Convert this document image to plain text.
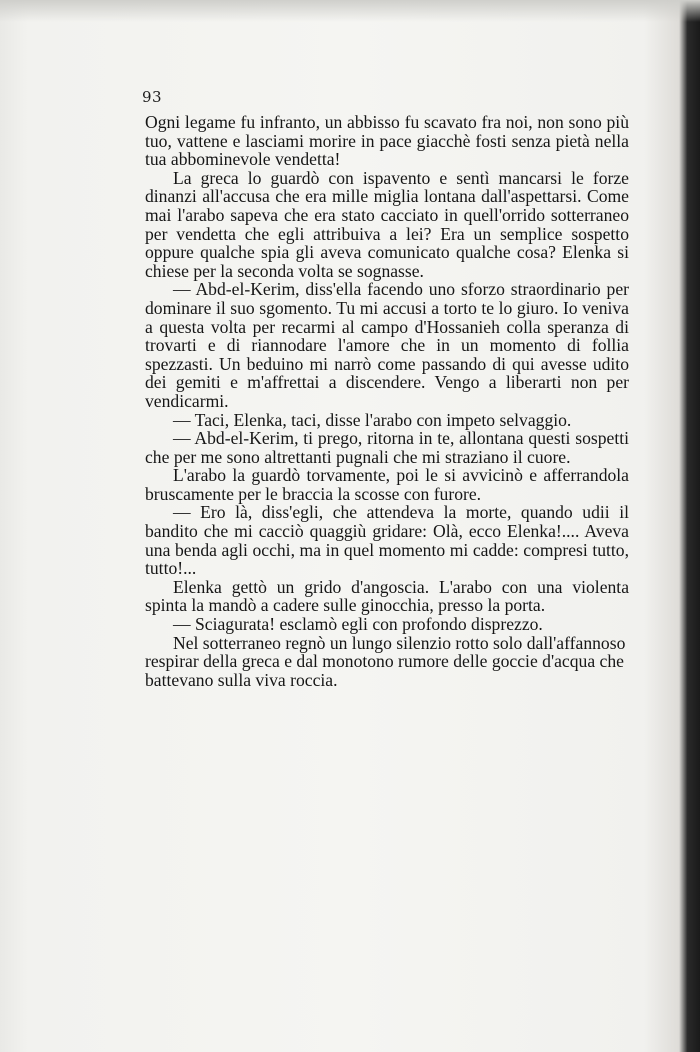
93

Ogni legame fu infranto, un abbisso fu scavato fra noi, non sono più tuo, vattene e lasciami morire in pace giacchè fosti senza pietà nella tua abbominevole vendetta!

La greca lo guardò con ispavento e sentì mancarsi le forze dinanzi all'accusa che era mille miglia lontana dall'aspettarsi. Come mai l'arabo sapeva che era stato cacciato in quell'orrido sotterraneo per vendetta che egli attribuiva a lei? Era un semplice sospetto oppure qualche spia gli aveva comunicato qualche cosa? Elenka si chiese per la seconda volta se sognasse.

— Abd-el-Kerim, diss'ella facendo uno sforzo straordinario per dominare il suo sgomento. Tu mi accusi a torto te lo giuro. Io veniva a questa volta per recarmi al campo d'Hossanieh colla speranza di trovarti e di riannodare l'amore che in un momento di follia spezzasti. Un beduino mi narrò come passando di qui avesse udito dei gemiti e m'affrettai a discendere. Vengo a liberarti non per vendicarmi.

— Taci, Elenka, taci, disse l'arabo con impeto selvaggio.

— Abd-el-Kerim, ti prego, ritorna in te, allontana questi sospetti che per me sono altrettanti pugnali che mi straziano il cuore.

L'arabo la guardò torvamente, poi le si avvicinò e afferrandola bruscamente per le braccia la scosse con furore.

— Ero là, diss'egli, che attendeva la morte, quando udii il bandito che mi cacciò quaggiù gridare: Olà, ecco Elenka!.... Aveva una benda agli occhi, ma in quel momento mi cadde: compresi tutto, tutto!...

Elenka gettò un grido d'angoscia. L'arabo con una violenta spinta la mandò a cadere sulle ginocchia, presso la porta.

— Sciagurata! esclamò egli con profondo disprezzo.

Nel sotterraneo regnò un lungo silenzio rotto solo dall'affannoso respirar della greca e dal monotono rumore delle goccie d'acqua che battevano sulla viva roccia.
